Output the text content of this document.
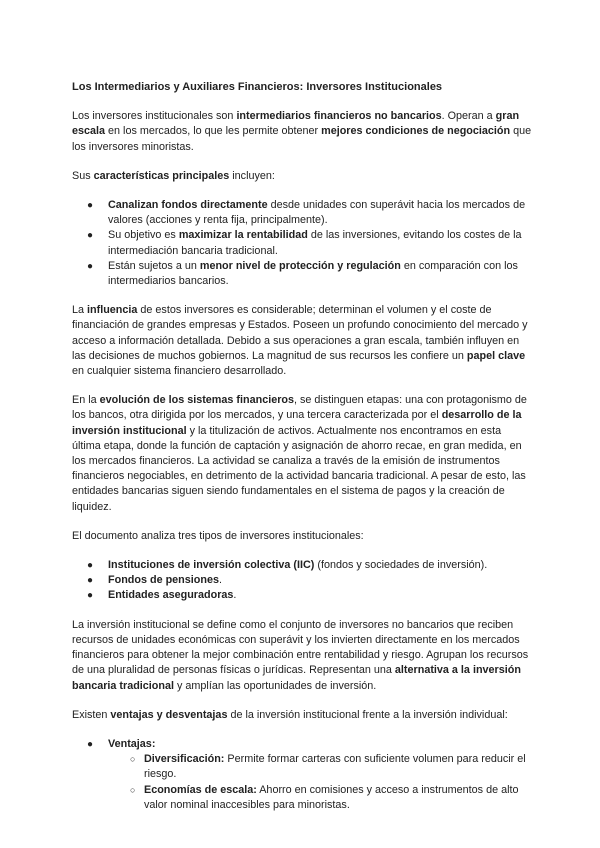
Los Intermediarios y Auxiliares Financieros: Inversores Institucionales

Los inversores institucionales son intermediarios financieros no bancarios. Operan a gran escala en los mercados, lo que les permite obtener mejores condiciones de negociación que los inversores minoristas.

Sus características principales incluyen:

● Canalizan fondos directamente desde unidades con superávit hacia los mercados de valores (acciones y renta fija, principalmente).
● Su objetivo es maximizar la rentabilidad de las inversiones, evitando los costes de la intermediación bancaria tradicional.
● Están sujetos a un menor nivel de protección y regulación en comparación con los intermediarios bancarios.

La influencia de estos inversores es considerable; determinan el volumen y el coste de financiación de grandes empresas y Estados. Poseen un profundo conocimiento del mercado y acceso a información detallada. Debido a sus operaciones a gran escala, también influyen en las decisiones de muchos gobiernos. La magnitud de sus recursos les confiere un papel clave en cualquier sistema financiero desarrollado.

En la evolución de los sistemas financieros, se distinguen etapas: una con protagonismo de los bancos, otra dirigida por los mercados, y una tercera caracterizada por el desarrollo de la inversión institucional y la titulización de activos. Actualmente nos encontramos en esta última etapa, donde la función de captación y asignación de ahorro recae, en gran medida, en los mercados financieros. La actividad se canaliza a través de la emisión de instrumentos financieros negociables, en detrimento de la actividad bancaria tradicional. A pesar de esto, las entidades bancarias siguen siendo fundamentales en el sistema de pagos y la creación de liquidez.

El documento analiza tres tipos de inversores institucionales:

● Instituciones de inversión colectiva (IIC) (fondos y sociedades de inversión).
● Fondos de pensiones.
● Entidades aseguradoras.

La inversión institucional se define como el conjunto de inversores no bancarios que reciben recursos de unidades económicas con superávit y los invierten directamente en los mercados financieros para obtener la mejor combinación entre rentabilidad y riesgo. Agrupan los recursos de una pluralidad de personas físicas o jurídicas. Representan una alternativa a la inversión bancaria tradicional y amplían las oportunidades de inversión.

Existen ventajas y desventajas de la inversión institucional frente a la inversión individual:

● Ventajas:
○ Diversificación: Permite formar carteras con suficiente volumen para reducir el riesgo.
○ Economías de escala: Ahorro en comisiones y acceso a instrumentos de alto valor nominal inaccesibles para minoristas.
